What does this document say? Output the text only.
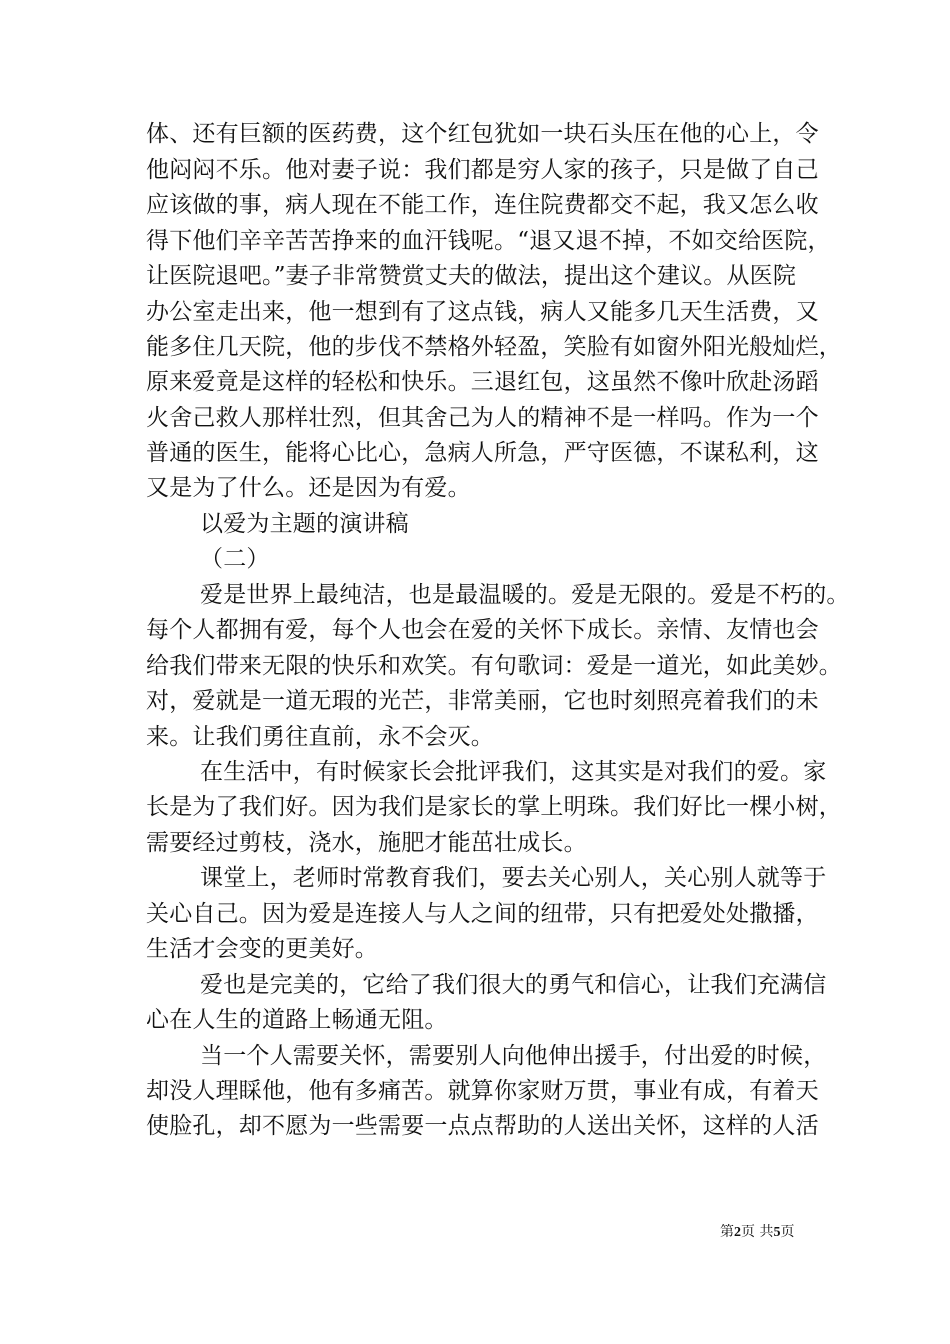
体、还有巨额的医药费，这个红包犹如一块石头压在他的心上，令
他闷闷不乐。他对妻子说：我们都是穷人家的孩子，只是做了自己
应该做的事，病人现在不能工作，连住院费都交不起，我又怎么收
得下他们辛辛苦苦挣来的血汗钱呢。“退又退不掉，不如交给医院，
让医院退吧。”妻子非常赞赏丈夫的做法，提出这个建议。从医院
办公室走出来，他一想到有了这点钱，病人又能多几天生活费，又
能多住几天院，他的步伐不禁格外轻盈，笑脸有如窗外阳光般灿烂，
原来爱竟是这样的轻松和快乐。三退红包，这虽然不像叶欣赴汤蹈
火舍己救人那样壮烈，但其舍己为人的精神不是一样吗。作为一个
普通的医生，能将心比心，急病人所急，严守医德，不谋私利，这
又是为了什么。还是因为有爱。
以爱为主题的演讲稿
（二）
爱是世界上最纯洁，也是最温暖的。爱是无限的。爱是不朽的。
每个人都拥有爱，每个人也会在爱的关怀下成长。亲情、友情也会
给我们带来无限的快乐和欢笑。有句歌词：爱是一道光，如此美妙。
对，爱就是一道无瑕的光芒，非常美丽，它也时刻照亮着我们的未
来。让我们勇往直前，永不会灭。
在生活中，有时候家长会批评我们，这其实是对我们的爱。家
长是为了我们好。因为我们是家长的掌上明珠。我们好比一棵小树，
需要经过剪枝，浇水，施肥才能茁壮成长。
课堂上，老师时常教育我们，要去关心别人，关心别人就等于
关心自己。因为爱是连接人与人之间的纽带，只有把爱处处撒播，
生活才会变的更美好。
爱也是完美的，它给了我们很大的勇气和信心，让我们充满信
心在人生的道路上畅通无阻。
当一个人需要关怀，需要别人向他伸出援手，付出爱的时候，
却没人理睬他，他有多痛苦。就算你家财万贯，事业有成，有着天
使脸孔，却不愿为一些需要一点点帮助的人送出关怀，这样的人活
第2页 共5页
